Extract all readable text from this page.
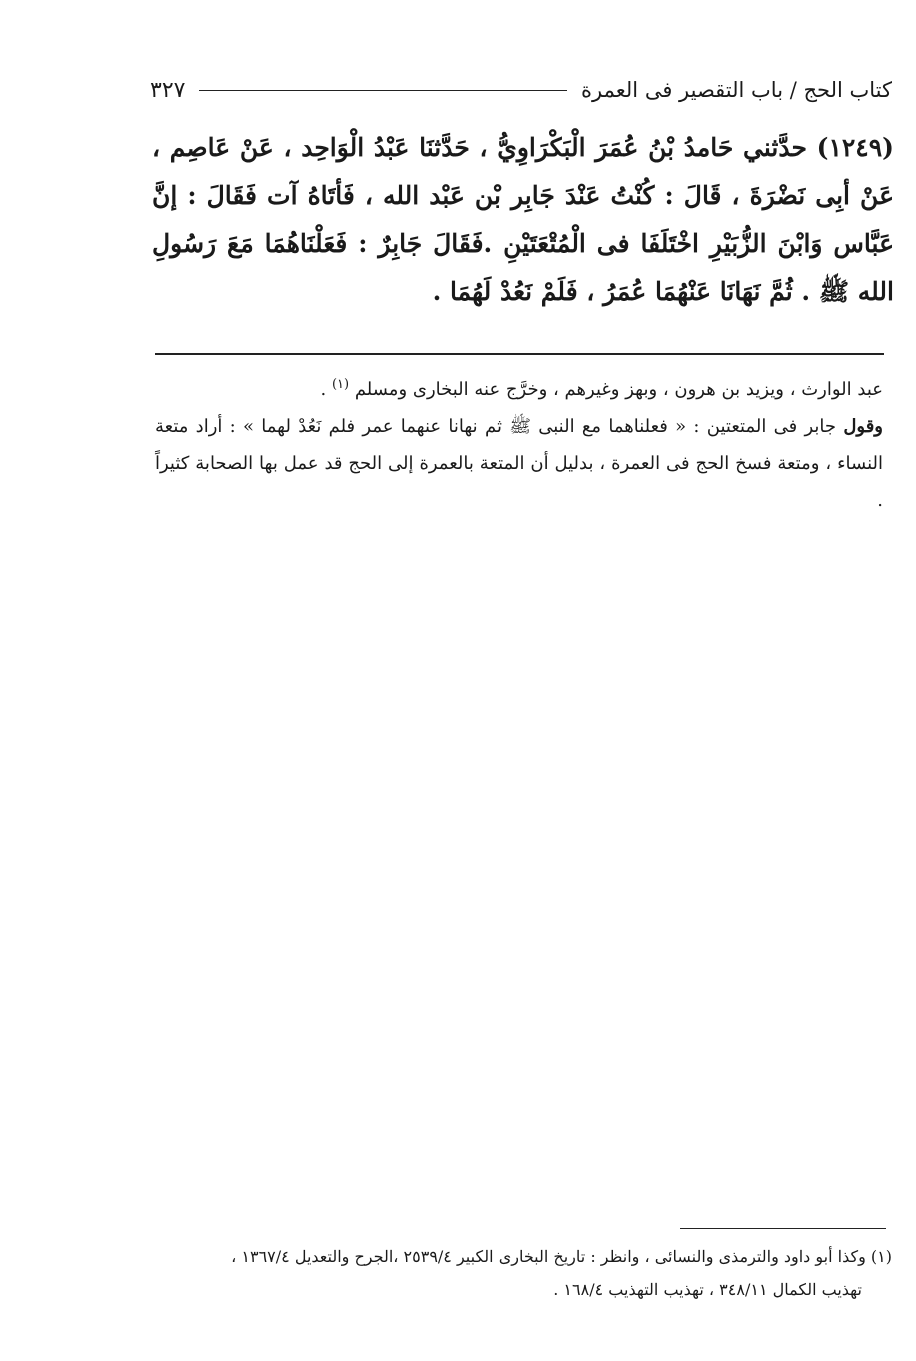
كتاب الحج / باب التقصير فى العمرة
٣٢٧

(١٢٤٩) حدَّثني حَامدُ بْنُ عُمَرَ الْبَكْرَاوِيُّ ، حَدَّثنَا عَبْدُ الْوَاحِد ، عَنْ عَاصِم ، عَنْ أبِى نَضْرَةَ ، قَالَ : كُنْتُ عَنْدَ جَابِر بْن عَبْد الله ، فَأتَاهُ آت فَقَالَ : إنَّ عَبَّاس وَابْنَ الزُّبَيْرِ اخْتَلَفَا فى الْمُتْعَتَيْنِ .فَقَالَ جَابِرٌ : فَعَلْنَاهُمَا مَعَ رَسُولِ الله ﷺ . ثُمَّ نَهَانَا عَنْهُمَا عُمَرُ ، فَلَمْ نَعُدْ لَهُمَا .

عبد الوارث ، ويزيد بن هرون ، وبهز وغيرهم ، وخرَّج عنه البخارى ومسلم $^{(١)}$ .

وقول جابر فى المتعتين : « فعلناهما مع النبى ﷺ ثم نهانا عنهما عمر فلم نَعُدْ لهما » : أراد متعة النساء ، ومتعة فسخ الحج فى العمرة ، بدليل أن المتعة بالعمرة إلى الحج قد عمل بها الصحابة كثيراً .

(١) وكذا أبو داود والترمذى والنسائى ، وانظر : تاريخ البخارى الكبير ٢٥٣٩/٤ ،الجرح والتعديل ١٣٦٧/٤ ،

تهذيب الكمال ٣٤٨/١١ ، تهذيب التهذيب ١٦٨/٤ .
